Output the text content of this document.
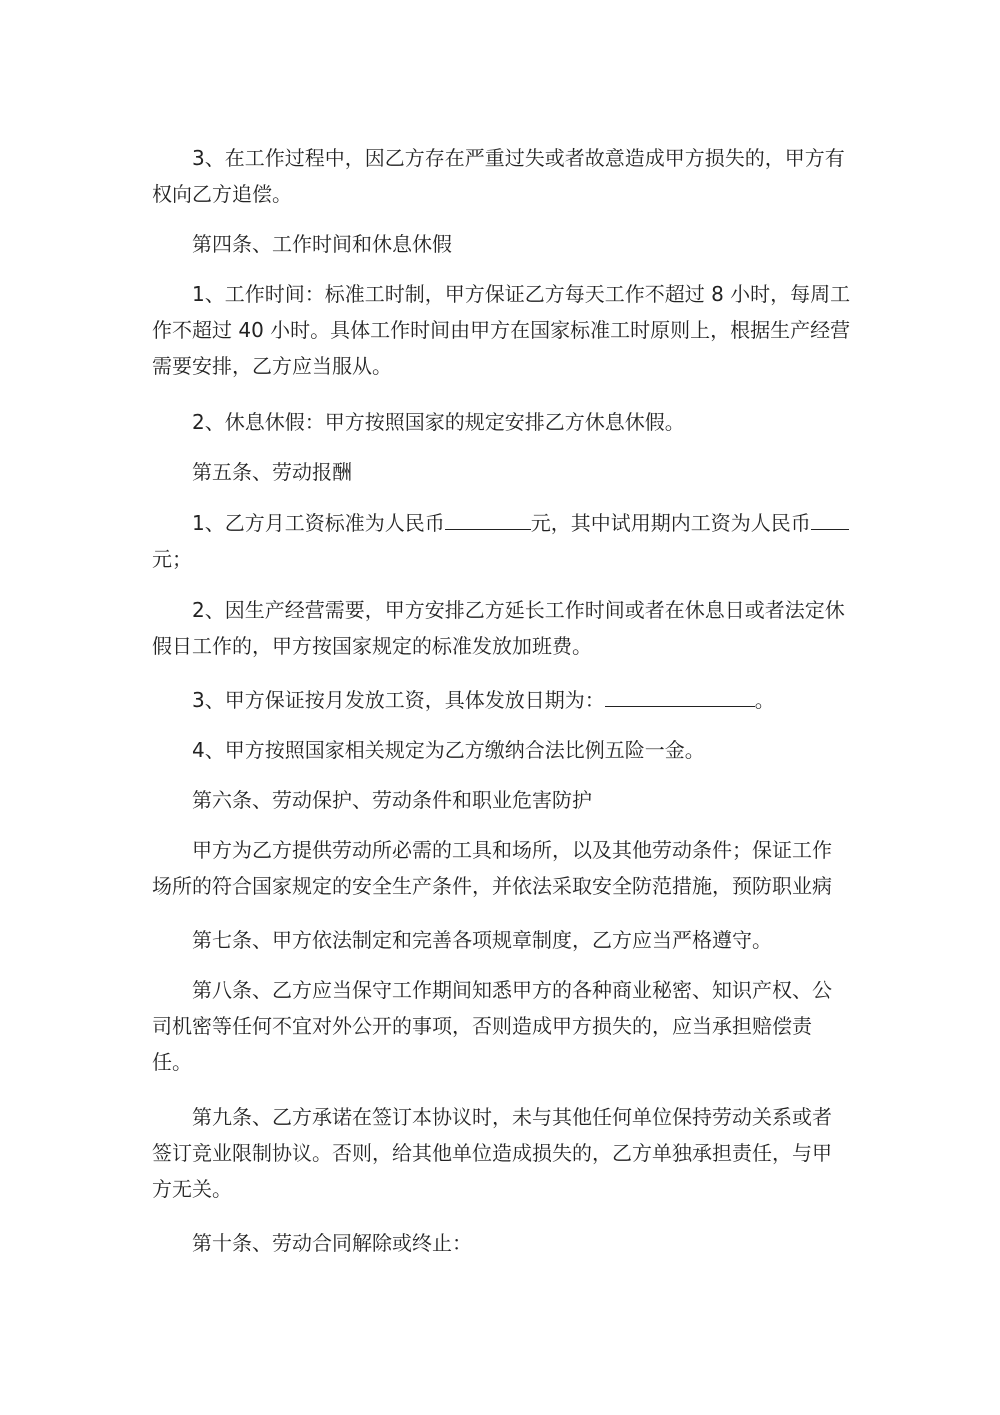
3、在工作过程中，因乙方存在严重过失或者故意造成甲方损失的，甲方有
权向乙方追偿。

第四条、工作时间和休息休假

1、工作时间：标准工时制，甲方保证乙方每天工作不超过 8 小时，每周工
作不超过 40 小时。具体工作时间由甲方在国家标准工时原则上，根据生产经营
需要安排，乙方应当服从。

2、休息休假：甲方按照国家的规定安排乙方休息休假。

第五条、劳动报酬

1、乙方月工资标准为人民币	元，其中试用期内工资为人民币
元；

2、因生产经营需要，甲方安排乙方延长工作时间或者在休息日或者法定休
假日工作的，甲方按国家规定的标准发放加班费。

3、甲方保证按月发放工资，具体发放日期为：	。

4、甲方按照国家相关规定为乙方缴纳合法比例五险一金。

第六条、劳动保护、劳动条件和职业危害防护

甲方为乙方提供劳动所必需的工具和场所，以及其他劳动条件；保证工作
场所的符合国家规定的安全生产条件，并依法采取安全防范措施，预防职业病

第七条、甲方依法制定和完善各项规章制度，乙方应当严格遵守。

第八条、乙方应当保守工作期间知悉甲方的各种商业秘密、知识产权、公
司机密等任何不宜对外公开的事项，否则造成甲方损失的，应当承担赔偿责
任。

第九条、乙方承诺在签订本协议时，未与其他任何单位保持劳动关系或者
签订竞业限制协议。否则，给其他单位造成损失的，乙方单独承担责任，与甲
方无关。

第十条、劳动合同解除或终止：
